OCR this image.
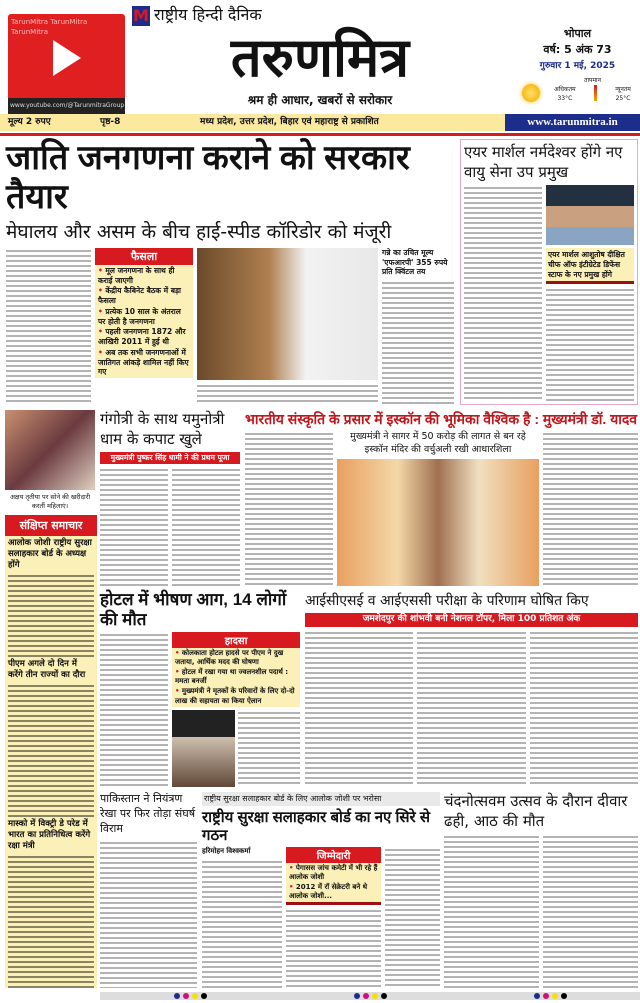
TarunMitra TarunMitra TarunMitra
www.youtube.com/@TarunmitraGroup
M राष्ट्रीय हिन्दी दैनिक
तरुणमित्र
श्रम ही आधार, खबरों से सरोकार
भोपाल
वर्ष: 5 अंक 73
गुरुवार 1 मई, 2025
तापमान
अधिकतम
33°C
न्यूनतम
25°C
मूल्य 2 रुपए	पृष्ठ-8	मध्य प्रदेश, उत्तर प्रदेश, बिहार एवं महाराष्ट्र से प्रकाशित	www.tarunmitra.in
जाति जनगणना कराने को सरकार तैयार
मेघालय और असम के बीच हाई-स्पीड कॉरिडोर को मंजूरी
फैसला
• मूल जनगणना के साथ ही कराई जाएगी
• केंद्रीय कैबिनेट बैठक में बड़ा फैसला
• प्रत्येक 10 साल के अंतराल पर होती है जनगणना
• पहली जनगणना 1872 और आखिरी 2011 में हुई थी
• अब तक सभी जनगणनाओं में जातिगत आंकड़े शामिल नहीं किए गए
गन्ने का उचित मूल्य 'एफआरपी' 355 रुपये प्रति क्विंटल तय
एयर मार्शल नर्मदेश्वर होंगे नए वायु सेना उप प्रमुख
एयर मार्शल आशुतोष दीक्षित चीफ ऑफ इंटीग्रेटेड डिफेंस स्टाफ के नए प्रमुख होंगे
अक्षय तृतीया पर सोने की खरीदारी करतीं महिलाएं।
गंगोत्री के साथ यमुनोत्री धाम के कपाट खुले
मुख्यमंत्री पुष्कर सिंह धामी ने की प्रथम पूजा
भारतीय संस्कृति के प्रसार में इस्कॉन की भूमिका वैश्विक है : मुख्यमंत्री डॉ. यादव
मुख्यमंत्री ने सागर में 50 करोड़ की लागत से बन रहे इस्कॉन मंदिर की वर्चुअली रखी आधारशिला
संक्षिप्त समाचार
आलोक जोशी राष्ट्रीय सुरक्षा सलाहकार बोर्ड के अध्यक्ष होंगे
पीएम अगले दो दिन में करेंगे तीन राज्यों का दौरा
मास्को में विक्ट्री डे परेड में भारत का प्रतिनिधित्व करेंगे रक्षा मंत्री
होटल में भीषण आग, 14 लोगों की मौत
हादसा
• कोलकाता होटल हादसे पर पीएम ने दुख जताया, आर्थिक मदद की घोषणा
• होटल में रखा गया था ज्वलनशील पदार्थ : ममता बनर्जी
• मुख्यमंत्री ने मृतकों के परिवारों के लिए दो-दो लाख की सहायता का किया ऐलान
आईसीएसई व आईएससी परीक्षा के परिणाम घोषित किए
जमशेदपुर की शांभवी बनी नेशनल टॉपर, मिला 100 प्रतिशत अंक
पाकिस्तान ने नियंत्रण रेखा पर फिर तोड़ा संघर्ष विराम
राष्ट्रीय सुरक्षा सलाहकार बोर्ड के लिए आलोक जोशी पर भरोसा
राष्ट्रीय सुरक्षा सलाहकार बोर्ड का नए सिरे से गठन
हरिमोहन विश्वकर्मा	जिम्मेदारी
• पेगासस जांच कमेटी में भी रहे हैं आलोक जोशी
• 2012 में रॉ सेक्रेटरी बने थे आलोक जोशी...
चंदनोत्सवम उत्सव के दौरान दीवार ढही, आठ की मौत
